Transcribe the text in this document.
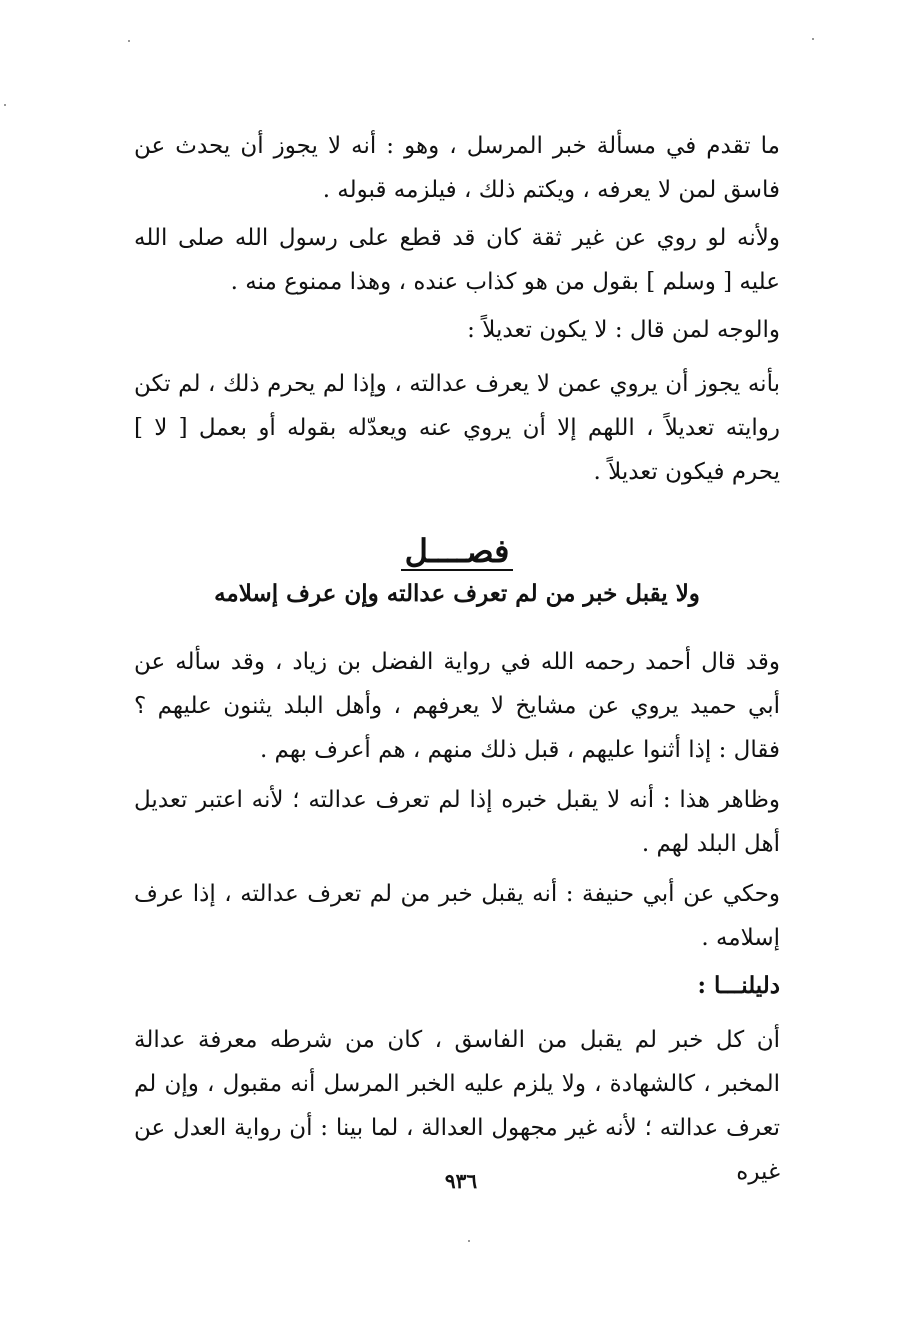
ما تقدم في مسألة خبر المرسل ، وهو : أنه لا يجوز أن يحدث عن فاسق لمن لا يعرفه ، ويكتم ذلك ، فيلزمه قبوله .

ولأنه لو روي عن غير ثقة كان قد قطع على رسول الله صلى الله عليه [ وسلم ] بقول من هو كذاب عنده ، وهذا ممنوع منه .

والوجه لمن قال : لا يكون تعديلاً :

بأنه يجوز أن يروي عمن لا يعرف عدالته ، وإذا لم يحرم ذلك ، لم تكن روايته تعديلاً ، اللهم إلا أن يروي عنه ويعدّله بقوله أو بعمل [ لا ] يحرم فيكون تعديلاً .

فصــــل
ولا يقبل خبر من لم تعرف عدالته وإن عرف إسلامه

وقد قال أحمد رحمه الله في رواية الفضل بن زياد ، وقد سأله عن أبي حميد يروي عن مشايخ لا يعرفهم ، وأهل البلد يثنون عليهم ؟ فقال : إذا أثنوا عليهم ، قبل ذلك منهم ، هم أعرف بهم .

وظاهر هذا : أنه لا يقبل خبره إذا لم تعرف عدالته ؛ لأنه اعتبر تعديل أهل البلد لهم .

وحكي عن أبي حنيفة : أنه يقبل خبر من لم تعرف عدالته ، إذا عرف إسلامه .

دليلنـــا :

أن كل خبر لم يقبل من الفاسق ، كان من شرطه معرفة عدالة المخبر ، كالشهادة ، ولا يلزم عليه الخبر المرسل أنه مقبول ، وإن لم تعرف عدالته ؛ لأنه غير مجهول العدالة ، لما بينا : أن رواية العدل عن غيره

٩٣٦
